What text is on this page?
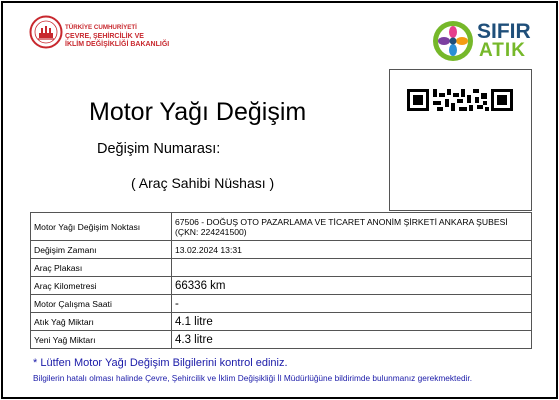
TÜRKİYE CUMHURİYETİ
ÇEVRE, ŞEHİRCİLİK VE
İKLİM DEĞİŞİKLİĞİ BAKANLIĞI
SIFIR
ATIK
Motor Yağı Değişim
Değişim Numarası:
( Araç Sahibi Nüshası )
Motor Yağı Değişim Noktası	67506 - DOĞUŞ OTO PAZARLAMA VE TİCARET ANONİM ŞİRKETİ ANKARA ŞUBESİ (ÇKN: 224241500)
Değişim Zamanı	13.02.2024 13:31
Araç Plakası	
Araç Kilometresi	66336 km
Motor Çalışma Saati	-
Atık Yağ Miktarı	4.1 litre
Yeni Yağ Miktarı	4.3 litre
* Lütfen Motor Yağı Değişim Bilgilerini kontrol ediniz.
Bilgilerin hatalı olması halinde Çevre, Şehircilik ve İklim Değişikliği İl Müdürlüğüne bildirimde bulunmanız gerekmektedir.
